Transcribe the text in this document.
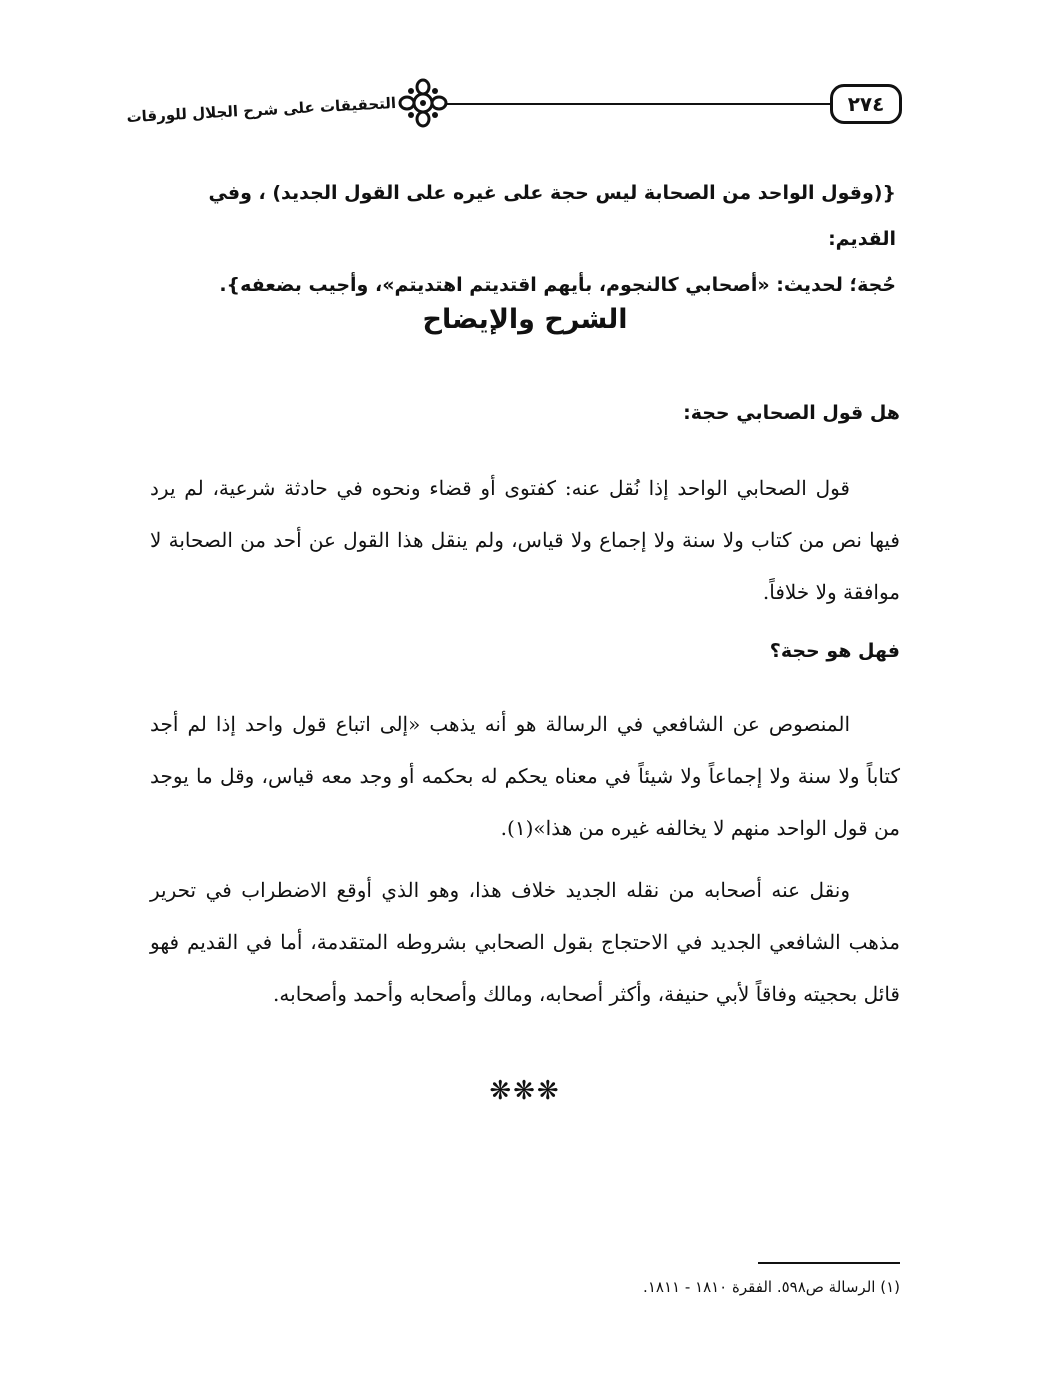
٢٧٤
التحقيقات على شرح الجلال للورقات
{(وقول الواحد من الصحابة ليس حجة على غيره على القول الجديد) ، وفي القديم:
حُجة؛ لحديث: «أصحابي كالنجوم، بأيهم اقتديتم اهتديتم»، وأجيب بضعفه}.
الشرح والإيضاح
هل قول الصحابي حجة:
قول الصحابي الواحد إذا نُقل عنه: كفتوى أو قضاء ونحوه في حادثة شرعية، لم يرد فيها نص من كتاب ولا سنة ولا إجماع ولا قياس، ولم ينقل هذا القول عن أحد من الصحابة لا موافقة ولا خلافاً.
فهل هو حجة؟
المنصوص عن الشافعي في الرسالة هو أنه يذهب «إلى اتباع قول واحد إذا لم أجد كتاباً ولا سنة ولا إجماعاً ولا شيئاً في معناه يحكم له بحكمه أو وجد معه قياس، وقل ما يوجد من قول الواحد منهم لا يخالفه غيره من هذا»(١).
ونقل عنه أصحابه من نقله الجديد خلاف هذا، وهو الذي أوقع الاضطراب في تحرير مذهب الشافعي الجديد في الاحتجاج بقول الصحابي بشروطه المتقدمة، أما في القديم فهو قائل بحجيته وفاقاً لأبي حنيفة، وأكثر أصحابه، ومالك وأصحابه وأحمد وأصحابه.
❋❋❋
(١) الرسالة ص٥٩٨. الفقرة ١٨١٠ - ١٨١١.
